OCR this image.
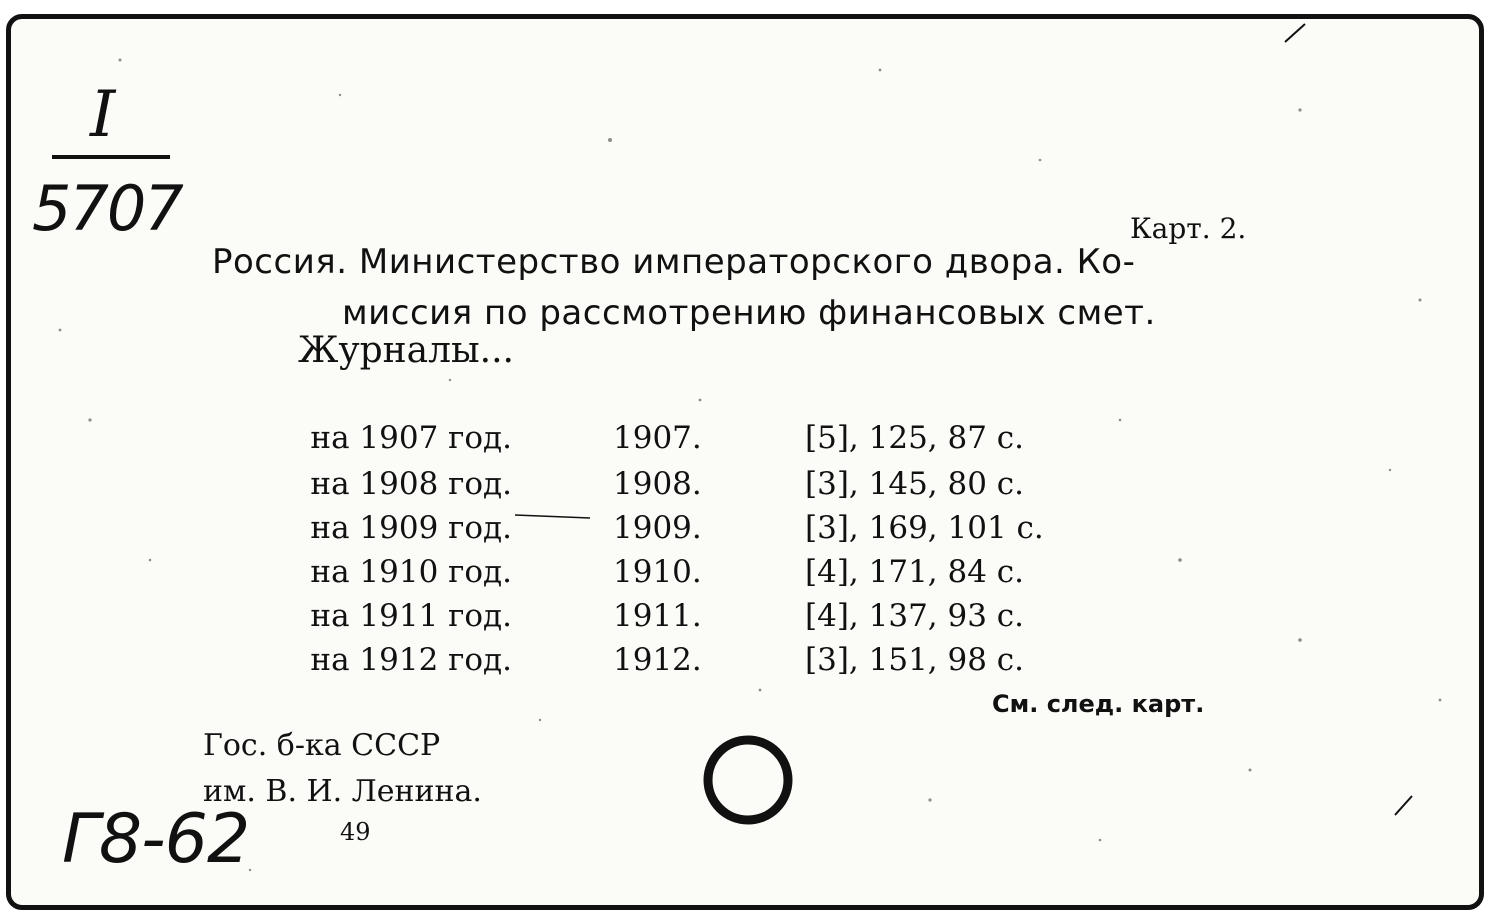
I
5707	Карт. 2.
Россия. Министерство императорского двора. Ко-
миссия по рассмотрению финансовых смет.
Журналы...
на 1907 год.	1907.	[5], 125, 87 с.
на 1908 год.	1908.	[3], 145, 80 с.
на 1909 год.	1909.	[3], 169, 101 с.
на 1910 год.	1910.	[4], 171, 84 с.
на 1911 год.	1911.	[4], 137, 93 с.
на 1912 год.	1912.	[3], 151, 98 с.
См. след. карт.
Гос. б-ка СССР
им. В. И. Ленина.
49
Г8-62
